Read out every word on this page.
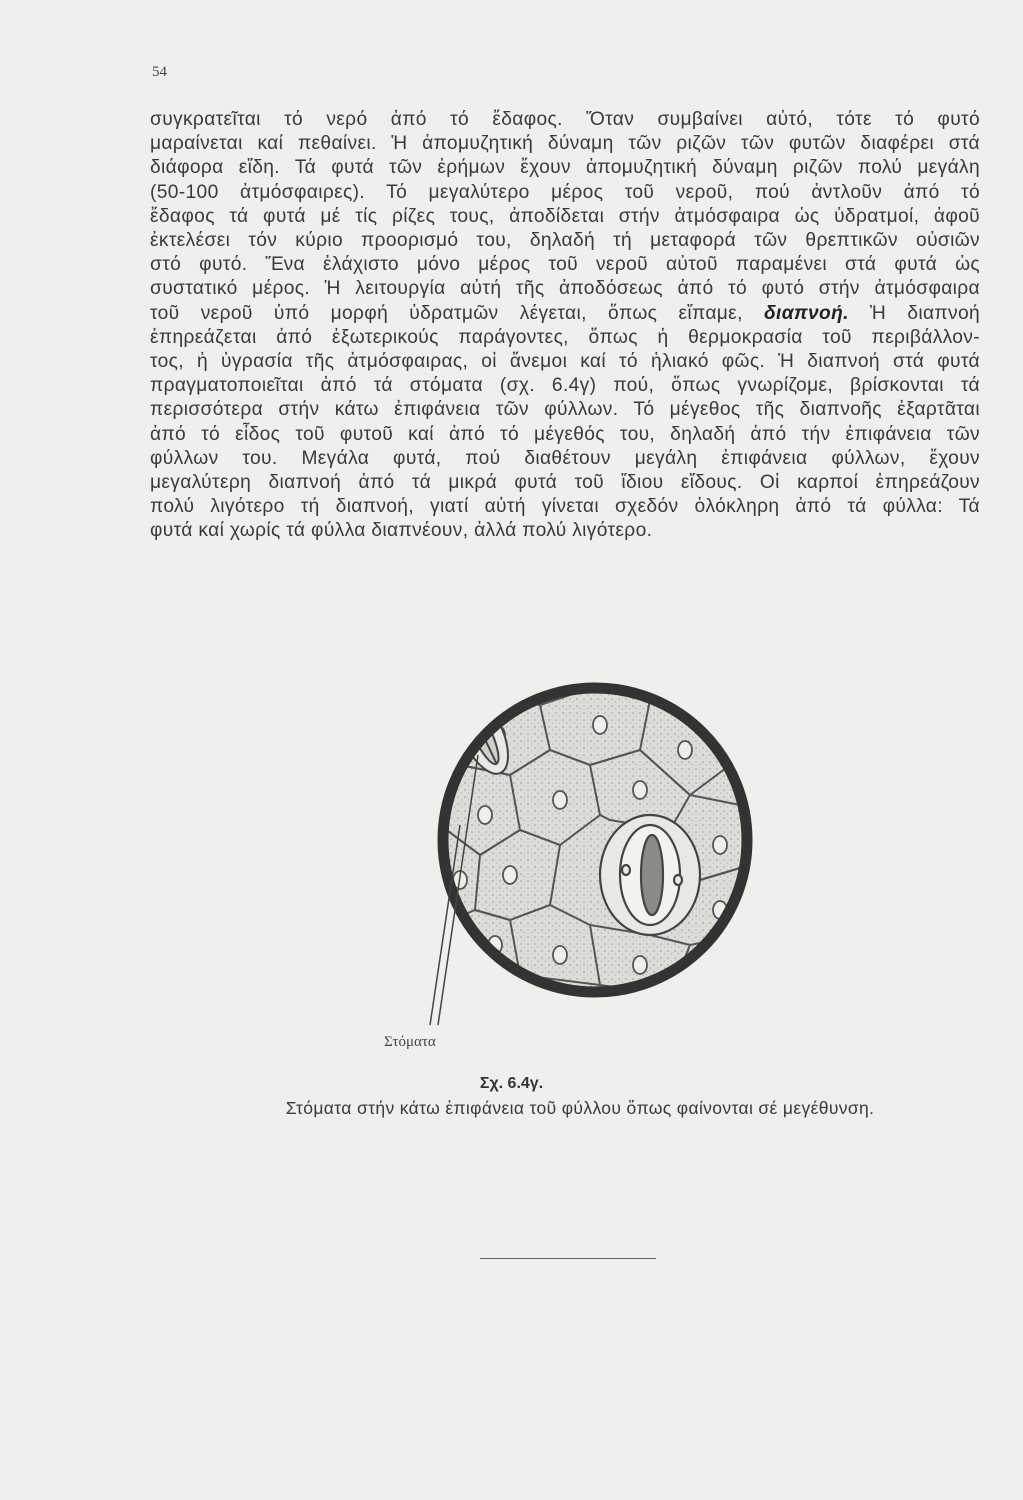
54
συγκρατεῖται τό νερό ἀπό τό ἔδαφος. Ὅταν συμβαίνει αὐτό, τότε τό φυτό
μαραίνεται καί πεθαίνει. Ἡ ἀπομυζητική δύναμη τῶν ριζῶν τῶν φυτῶν διαφέρει στά
διάφορα εἴδη. Τά φυτά τῶν ἐρήμων ἔχουν ἀπομυζητική δύναμη ριζῶν πολύ μεγάλη
(50-100 ἀτμόσφαιρες). Τό μεγαλύτερο μέρος τοῦ νεροῦ, πού ἀντλοῦν ἀπό τό
ἔδαφος τά φυτά μέ τίς ρίζες τους, ἀποδίδεται στήν ἀτμόσφαιρα ὡς ὑδρατμοί, ἀφοῦ
ἐκτελέσει τόν κύριο προορισμό του, δηλαδή τή μεταφορά τῶν θρεπτικῶν οὐσιῶν
στό φυτό. Ἕνα ἐλάχιστο μόνο μέρος τοῦ νεροῦ αὐτοῦ παραμένει στά φυτά ὡς
συστατικό μέρος. Ἡ λειτουργία αὐτή τῆς ἀποδόσεως ἀπό τό φυτό στήν ἀτμόσφαιρα
τοῦ νεροῦ ὑπό μορφή ὑδρατμῶν λέγεται, ὅπως εἴπαμε, διαπνοή. Ἡ διαπνοή
ἐπηρεάζεται ἀπό ἐξωτερικούς παράγοντες, ὅπως ἡ θερμοκρασία τοῦ περιβάλλον-
τος, ἡ ὑγρασία τῆς ἀτμόσφαιρας, οἱ ἄνεμοι καί τό ἡλιακό φῶς. Ἡ διαπνοή στά φυτά
πραγματοποιεῖται ἀπό τά στόματα (σχ. 6.4γ) πού, ὅπως γνωρίζομε, βρίσκονται τά
περισσότερα στήν κάτω ἐπιφάνεια τῶν φύλλων. Τό μέγεθος τῆς διαπνοῆς ἐξαρτᾶται
ἀπό τό εἶδος τοῦ φυτοῦ καί ἀπό τό μέγεθός του, δηλαδή ἀπό τήν ἐπιφάνεια τῶν
φύλλων του. Μεγάλα φυτά, πού διαθέτουν μεγάλη ἐπιφάνεια φύλλων, ἔχουν
μεγαλύτερη διαπνοή ἀπό τά μικρά φυτά τοῦ ἴδιου εἴδους. Οἱ καρποί ἐπηρεάζουν
πολύ λιγότερο τή διαπνοή, γιατί αὐτή γίνεται σχεδόν ὁλόκληρη ἀπό τά φύλλα: Τά
φυτά καί χωρίς τά φύλλα διαπνέουν, ἀλλά πολύ λιγότερο.
Στόματα
Σχ. 6.4γ.
Στόματα στήν κάτω ἐπιφάνεια τοῦ φύλλου ὅπως φαίνονται σέ μεγέθυνση.
